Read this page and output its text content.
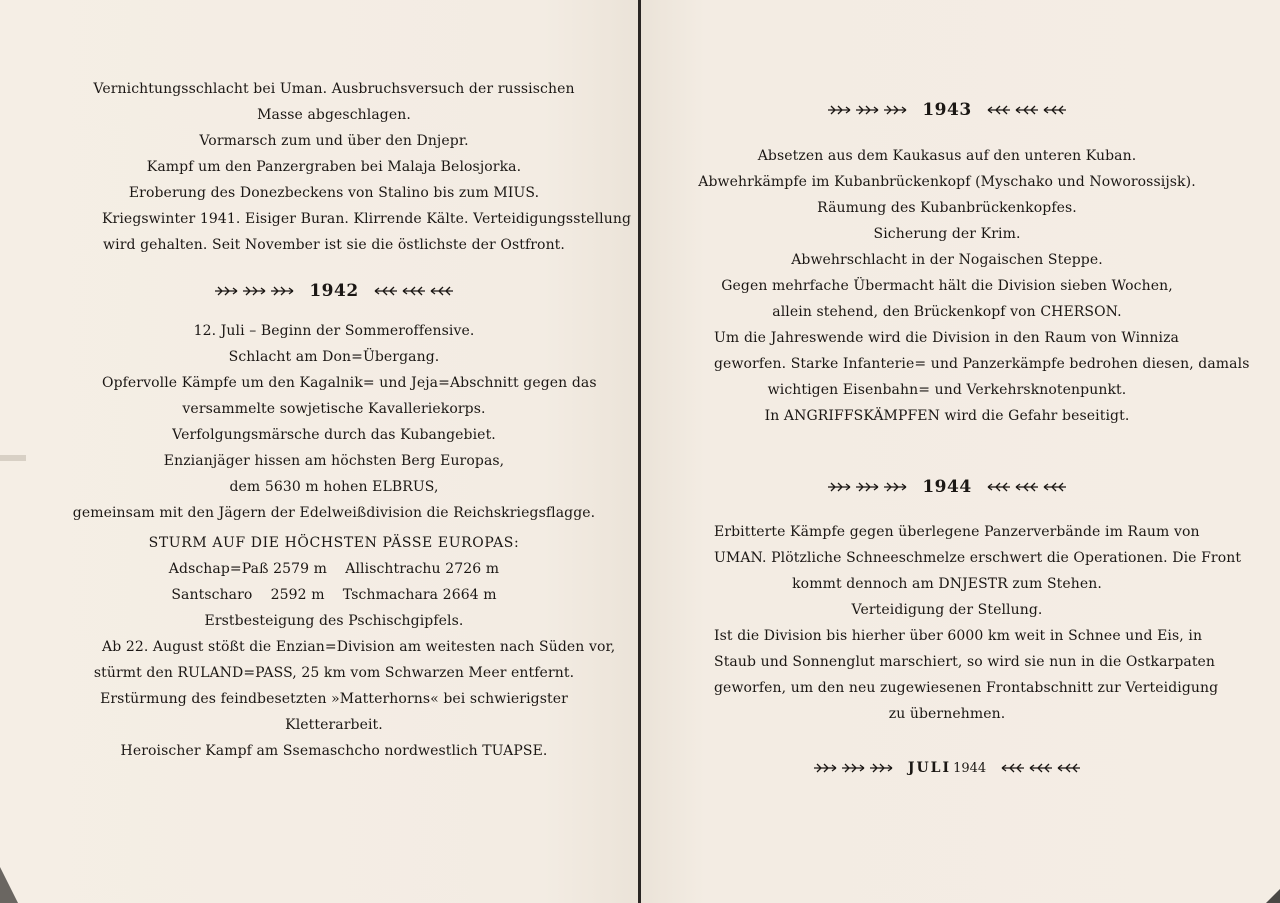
Vernichtungsschlacht bei Uman. Ausbruchsversuch der russischen
Masse abgeschlagen.
Vormarsch zum und über den Dnjepr.
Kampf um den Panzergraben bei Malaja Belosjorka.
Eroberung des Donezbeckens von Stalino bis zum MIUS.
Kriegswinter 1941. Eisiger Buran. Klirrende Kälte. Verteidigungsstellung
wird gehalten. Seit November ist sie die östlichste der Ostfront.
1942
12. Juli – Beginn der Sommeroffensive.
Schlacht am Don=Übergang.
Opfervolle Kämpfe um den Kagalnik= und Jeja=Abschnitt gegen das
versammelte sowjetische Kavalleriekorps.
Verfolgungsmärsche durch das Kubangebiet.
Enzianjäger hissen am höchsten Berg Europas,
dem 5630 m hohen ELBRUS,
gemeinsam mit den Jägern der Edelweißdivision die Reichskriegsflagge.
STURM AUF DIE HÖCHSTEN PÄSSE EUROPAS:
Adschap=Paß 2579 m    Allischtrachu 2726 m
Santscharo    2592 m    Tschmachara 2664 m
Erstbesteigung des Pschischgipfels.
Ab 22. August stößt die Enzian=Division am weitesten nach Süden vor,
stürmt den RULAND=PASS, 25 km vom Schwarzen Meer entfernt.
Erstürmung des feindbesetzten »Matterhorns« bei schwierigster
Kletterarbeit.
Heroischer Kampf am Ssemaschcho nordwestlich TUAPSE.
1943
Absetzen aus dem Kaukasus auf den unteren Kuban.
Abwehrkämpfe im Kubanbrückenkopf (Myschako und Noworossijsk).
Räumung des Kubanbrückenkopfes.
Sicherung der Krim.
Abwehrschlacht in der Nogaischen Steppe.
Gegen mehrfache Übermacht hält die Division sieben Wochen,
allein stehend, den Brückenkopf von CHERSON.
Um die Jahreswende wird die Division in den Raum von Winniza
geworfen. Starke Infanterie= und Panzerkämpfe bedrohen diesen, damals
wichtigen Eisenbahn= und Verkehrsknotenpunkt.
In ANGRIFFSKÄMPFEN wird die Gefahr beseitigt.
1944
Erbitterte Kämpfe gegen überlegene Panzerverbände im Raum von
UMAN. Plötzliche Schneeschmelze erschwert die Operationen. Die Front
kommt dennoch am DNJESTR zum Stehen.
Verteidigung der Stellung.
Ist die Division bis hierher über 6000 km weit in Schnee und Eis, in
Staub und Sonnenglut marschiert, so wird sie nun in die Ostkarpaten
geworfen, um den neu zugewiesenen Frontabschnitt zur Verteidigung
zu übernehmen.
JULI 1944
